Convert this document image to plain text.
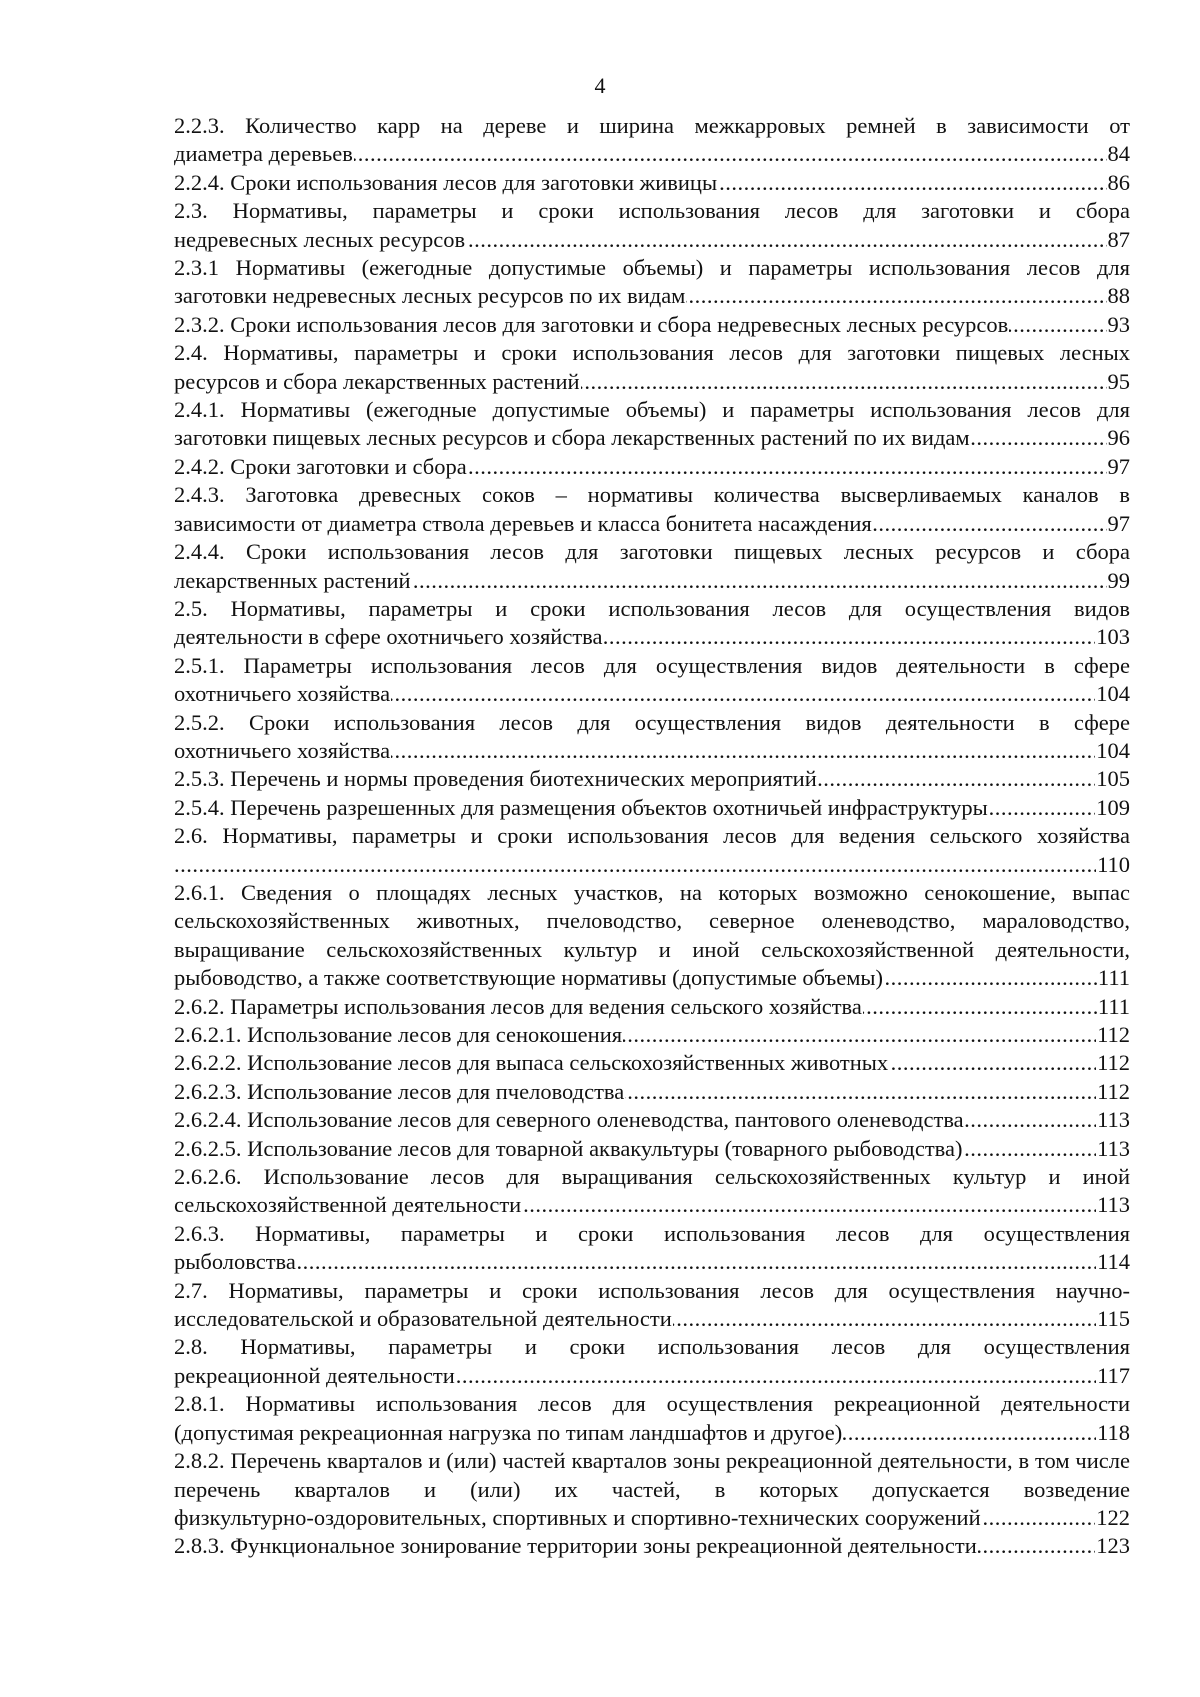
4
2.2.3. Количество карр на дереве и ширина межкарровых ремней в зависимости от
диаметра деревьев	84
.....
2.2.4. Сроки использования лесов для заготовки живицы	86
.....
2.3. Нормативы, параметры и сроки использования лесов для заготовки и сбора
недревесных лесных ресурсов	87
.....
2.3.1 Нормативы (ежегодные допустимые объемы) и параметры использования лесов для
заготовки недревесных лесных ресурсов по их видам	88
.....
2.3.2. Сроки использования лесов для заготовки и сбора недревесных лесных ресурсов	93
.....
2.4. Нормативы, параметры и сроки использования лесов для заготовки пищевых лесных
ресурсов и сбора лекарственных растений	95
.....
2.4.1. Нормативы (ежегодные допустимые объемы) и параметры использования лесов для
заготовки пищевых лесных ресурсов и сбора лекарственных растений по их видам	96
.....
2.4.2. Сроки заготовки и сбора	97
.....
2.4.3. Заготовка древесных соков – нормативы количества высверливаемых каналов в
зависимости от диаметра ствола деревьев и класса бонитета насаждения	97
.....
2.4.4. Сроки использования лесов для заготовки пищевых лесных ресурсов и сбора
лекарственных растений	99
.....
2.5. Нормативы, параметры и сроки использования лесов для осуществления видов
деятельности в сфере охотничьего хозяйства	103
.....
2.5.1. Параметры использования лесов для осуществления видов деятельности в сфере
охотничьего хозяйства	104
.....
2.5.2. Сроки использования лесов для осуществления видов деятельности в сфере
охотничьего хозяйства	104
.....
2.5.3. Перечень и нормы проведения биотехнических мероприятий	105
.....
2.5.4. Перечень разрешенных для размещения объектов охотничьей инфраструктуры	109
.....
2.6. Нормативы, параметры и сроки использования лесов для ведения сельского хозяйства
110
.....
2.6.1. Сведения о площадях лесных участков, на которых возможно сенокошение, выпас сельскохозяйственных животных, пчеловодство, северное оленеводство, мараловодство, выращивание сельскохозяйственных культур и иной сельскохозяйственной деятельности,
рыбоводство, а также соответствующие нормативы (допустимые объемы)	111
.....
2.6.2. Параметры использования лесов для ведения сельского хозяйства	111
.....
2.6.2.1. Использование лесов для сенокошения	112
.....
2.6.2.2. Использование лесов для выпаса сельскохозяйственных животных	112
.....
2.6.2.3. Использование лесов для пчеловодства	112
.....
2.6.2.4. Использование лесов для северного оленеводства, пантового оленеводства	113
.....
2.6.2.5. Использование лесов для товарной аквакультуры (товарного рыбоводства)	113
.....
2.6.2.6. Использование лесов для выращивания сельскохозяйственных культур и иной
сельскохозяйственной деятельности	113
.....
2.6.3. Нормативы, параметры и сроки использования лесов для осуществления
рыболовства	114
.....
2.7. Нормативы, параметры и сроки использования лесов для осуществления научно-
исследовательской и образовательной деятельности	115
.....
2.8. Нормативы, параметры и сроки использования лесов для осуществления
рекреационной деятельности	117
.....
2.8.1. Нормативы использования лесов для осуществления рекреационной деятельности
(допустимая рекреационная нагрузка по типам ландшафтов и другое)	118
.....
2.8.2. Перечень кварталов и (или) частей кварталов зоны рекреационной деятельности, в том числе перечень кварталов и (или) их частей, в которых допускается возведение
физкультурно-оздоровительных, спортивных и спортивно-технических сооружений	122
.....
2.8.3. Функциональное зонирование территории зоны рекреационной деятельности	123
.....
